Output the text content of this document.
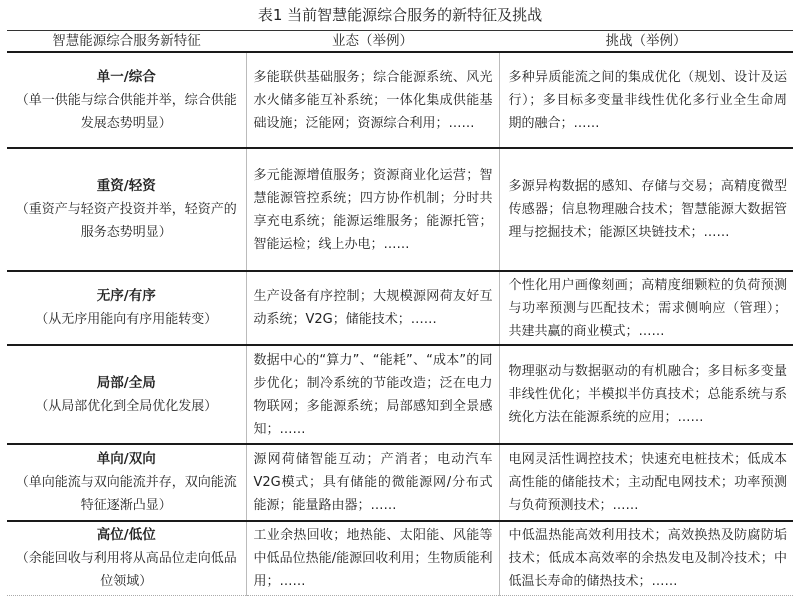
表1 当前智慧能源综合服务的新特征及挑战
智慧能源综合服务新特征	业态（举例）	挑战（举例）

单一/综合
（单一供能与综合供能并举，综合供能发展态势明显）	多能联供基础服务；综合能源系统、风光水火储多能互补系统；一体化集成供能基础设施；泛能网；资源综合利用；……	多种异质能流之间的集成优化（规划、设计及运行）；多目标多变量非线性优化多行业全生命周期的融合；……

重资/轻资
（重资产与轻资产投资并举，轻资产的服务态势明显）	多元能源增值服务；资源商业化运营；智慧能源管控系统；四方协作机制；分时共享充电系统；能源运维服务；能源托管；智能运检；线上办电；……	多源异构数据的感知、存储与交易；高精度微型传感器；信息物理融合技术；智慧能源大数据管理与挖掘技术；能源区块链技术；……

无序/有序
（从无序用能向有序用能转变）	生产设备有序控制；大规模源网荷友好互动系统；V2G；储能技术；……	个性化用户画像刻画；高精度细颗粒的负荷预测与功率预测与匹配技术；需求侧响应（管理）；共建共赢的商业模式；……

局部/全局
（从局部优化到全局优化发展）	数据中心的“算力”、“能耗”、“成本”的同步优化；制冷系统的节能改造；泛在电力物联网；多能源系统；局部感知到全景感知；……	物理驱动与数据驱动的有机融合；多目标多变量非线性优化；半模拟半仿真技术；总能系统与系统化方法在能源系统的应用；……

单向/双向
（单向能流与双向能流并存，双向能流特征逐渐凸显）	源网荷储智能互动；产消者；电动汽车V2G模式；具有储能的微能源网/分布式能源；能量路由器；……	电网灵活性调控技术；快速充电桩技术；低成本高性能的储能技术；主动配电网技术；功率预测与负荷预测技术；……

高位/低位
（余能回收与利用将从高品位走向低品位领域）	工业余热回收；地热能、太阳能、风能等中低品位热能/能源回收利用；生物质能利用；……	中低温热能高效利用技术；高效换热及防腐防垢技术；低成本高效率的余热发电及制冷技术；中低温长寿命的储热技术；……
